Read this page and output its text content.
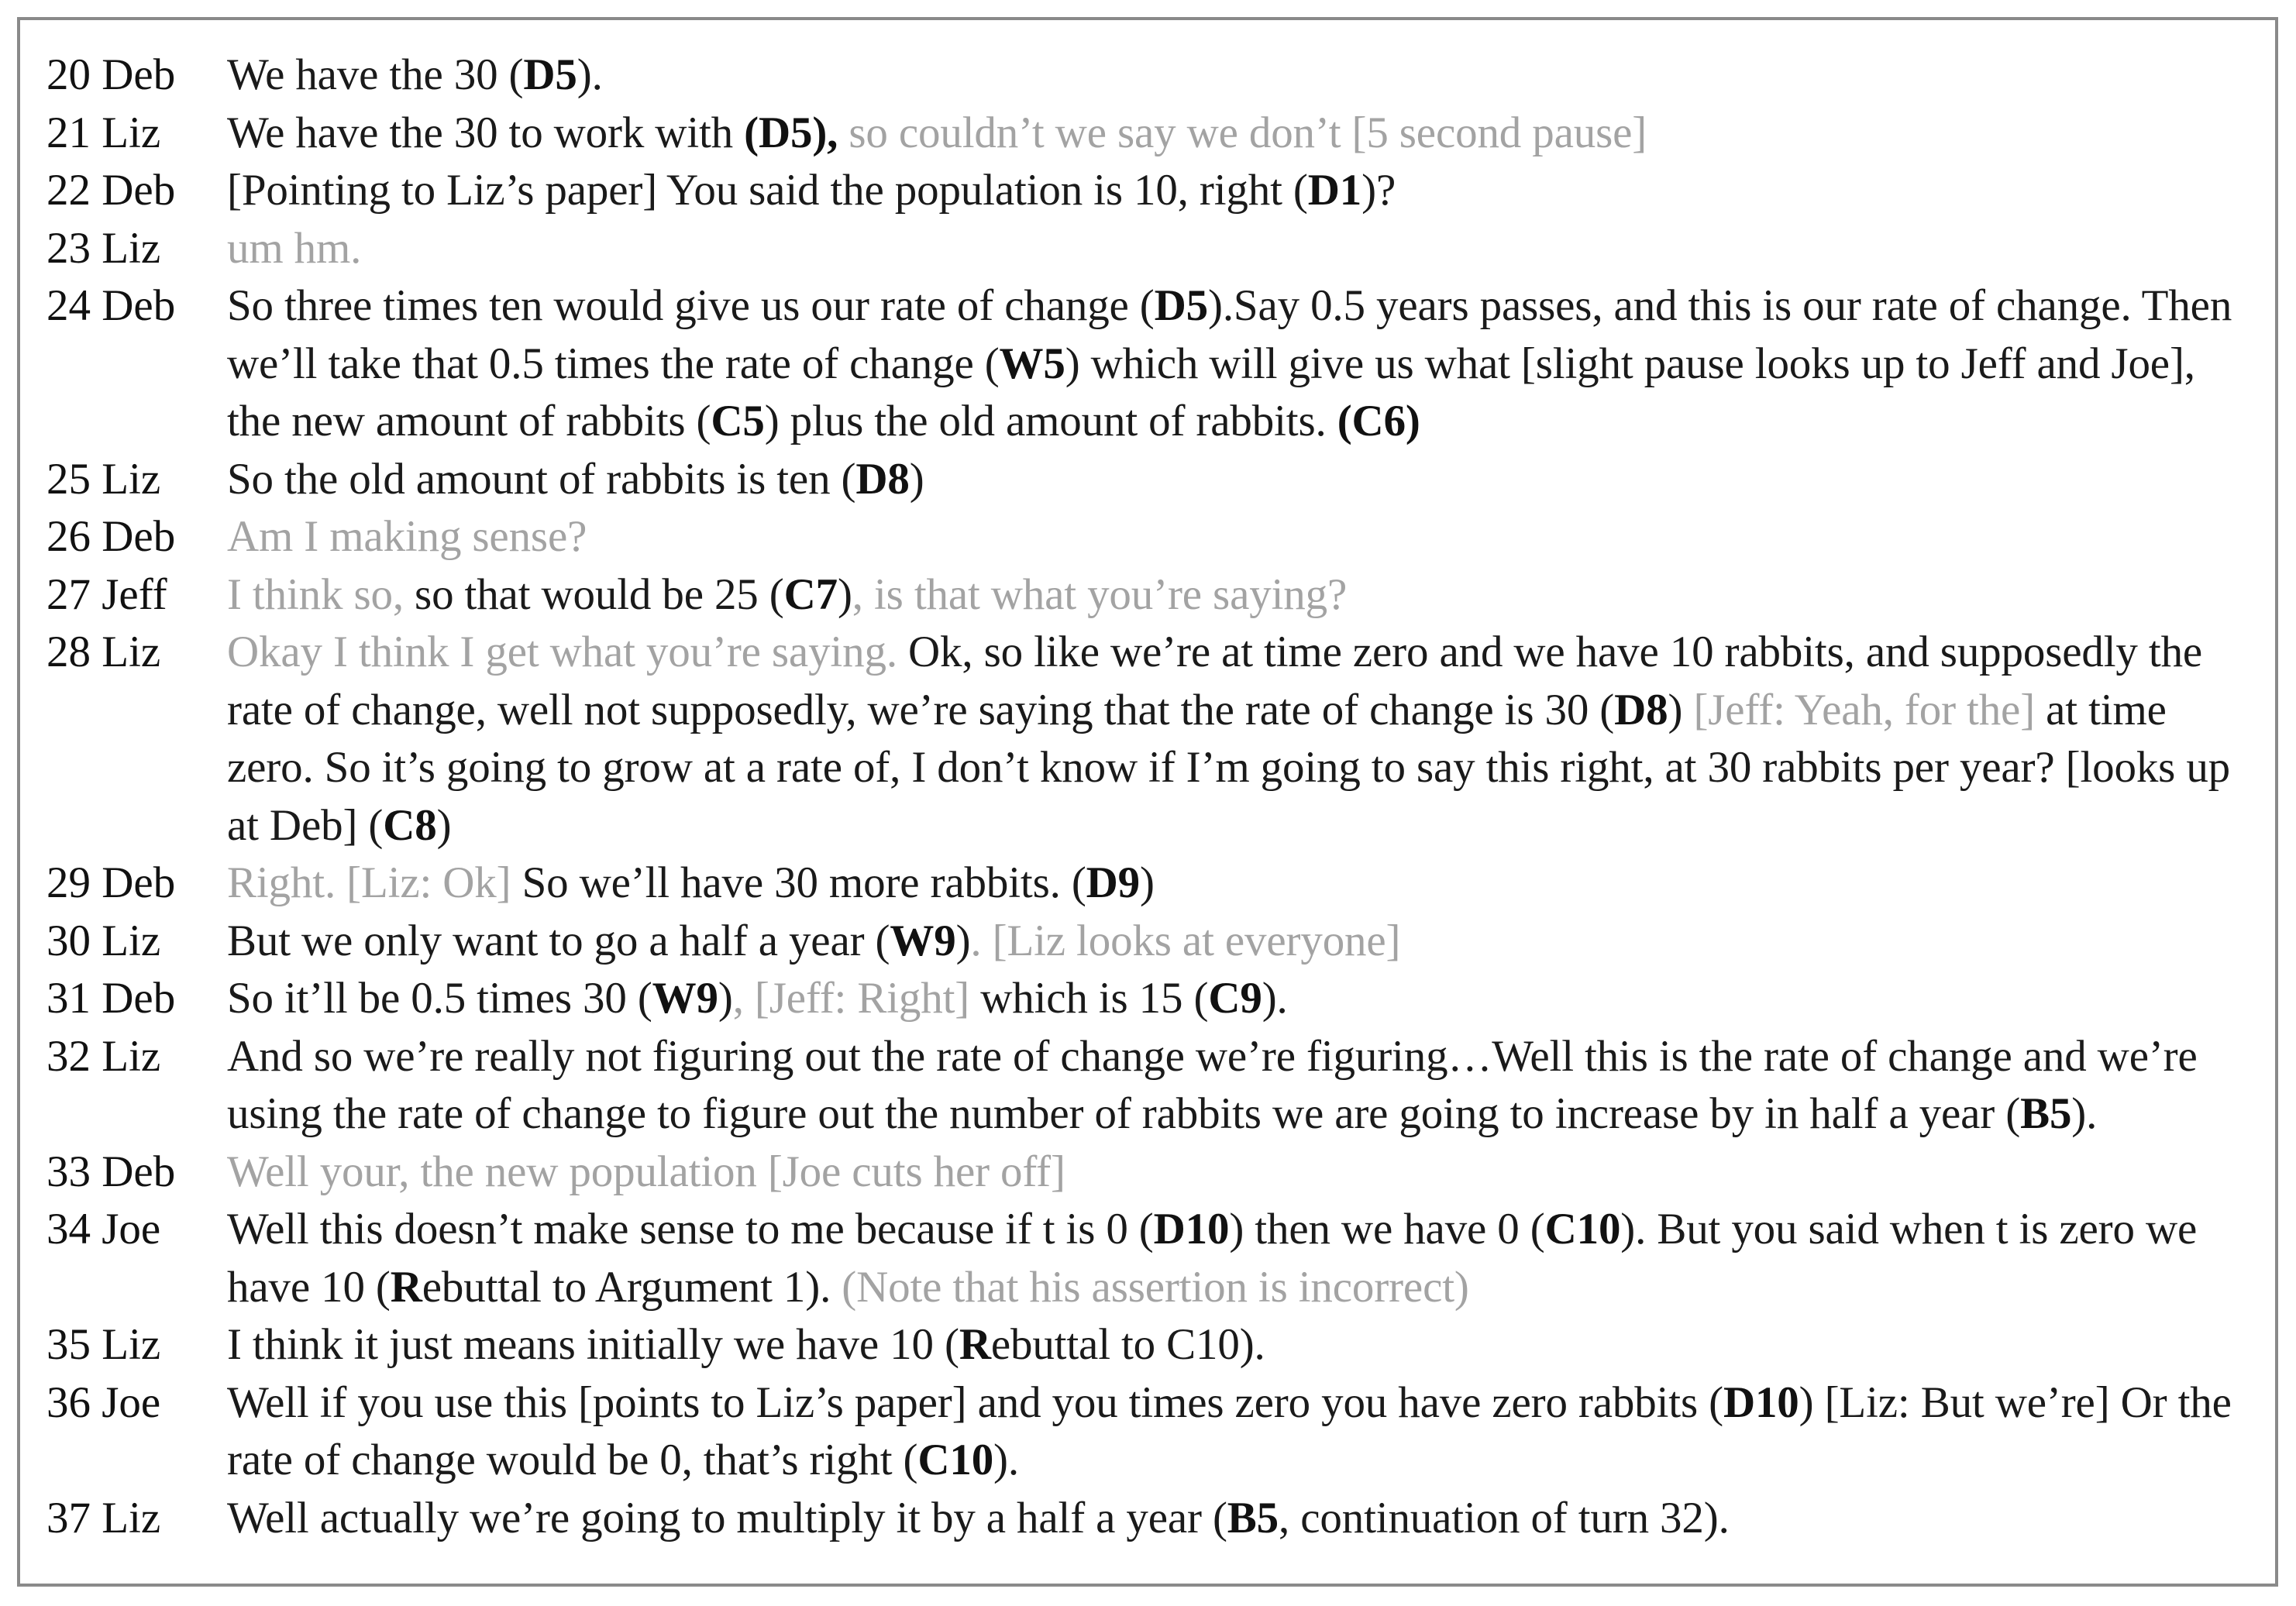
20 Deb	We have the 30 (D5).
21 Liz	We have the 30 to work with (D5), so couldn’t we say we don’t [5 second pause]
22 Deb	[Pointing to Liz’s paper] You said the population is 10, right (D1)?
23 Liz	um hm.
24 Deb	So three times ten would give us our rate of change (D5).Say 0.5 years passes, and this is our rate of change. Then we’ll take that 0.5 times the rate of change (W5) which will give us what [slight pause looks up to Jeff and Joe], the new amount of rabbits (C5) plus the old amount of rabbits. (C6)
25 Liz	So the old amount of rabbits is ten (D8)
26 Deb	Am I making sense?
27 Jeff	I think so, so that would be 25 (C7), is that what you’re saying?
28 Liz	Okay I think I get what you’re saying. Ok, so like we’re at time zero and we have 10 rabbits, and supposedly the rate of change, well not supposedly, we’re saying that the rate of change is 30 (D8) [Jeff: Yeah, for the] at time zero. So it’s going to grow at a rate of, I don’t know if I’m going to say this right, at 30 rabbits per year? [looks up at Deb] (C8)
29 Deb	Right. [Liz: Ok] So we’ll have 30 more rabbits. (D9)
30 Liz	But we only want to go a half a year (W9). [Liz looks at everyone]
31 Deb	So it’ll be 0.5 times 30 (W9), [Jeff: Right] which is 15 (C9).
32 Liz	And so we’re really not figuring out the rate of change we’re figuring…Well this is the rate of change and we’re using the rate of change to figure out the number of rabbits we are going to increase by in half a year (B5).
33 Deb	Well your, the new population [Joe cuts her off]
34 Joe	Well this doesn’t make sense to me because if t is 0 (D10) then we have 0 (C10). But you said when t is zero we have 10 (Rebuttal to Argument 1). (Note that his assertion is incorrect)
35 Liz	I think it just means initially we have 10 (Rebuttal to C10).
36 Joe	Well if you use this [points to Liz’s paper] and you times zero you have zero rabbits (D10) [Liz: But we’re] Or the rate of change would be 0, that’s right (C10).
37 Liz	Well actually we’re going to multiply it by a half a year (B5, continuation of turn 32).
